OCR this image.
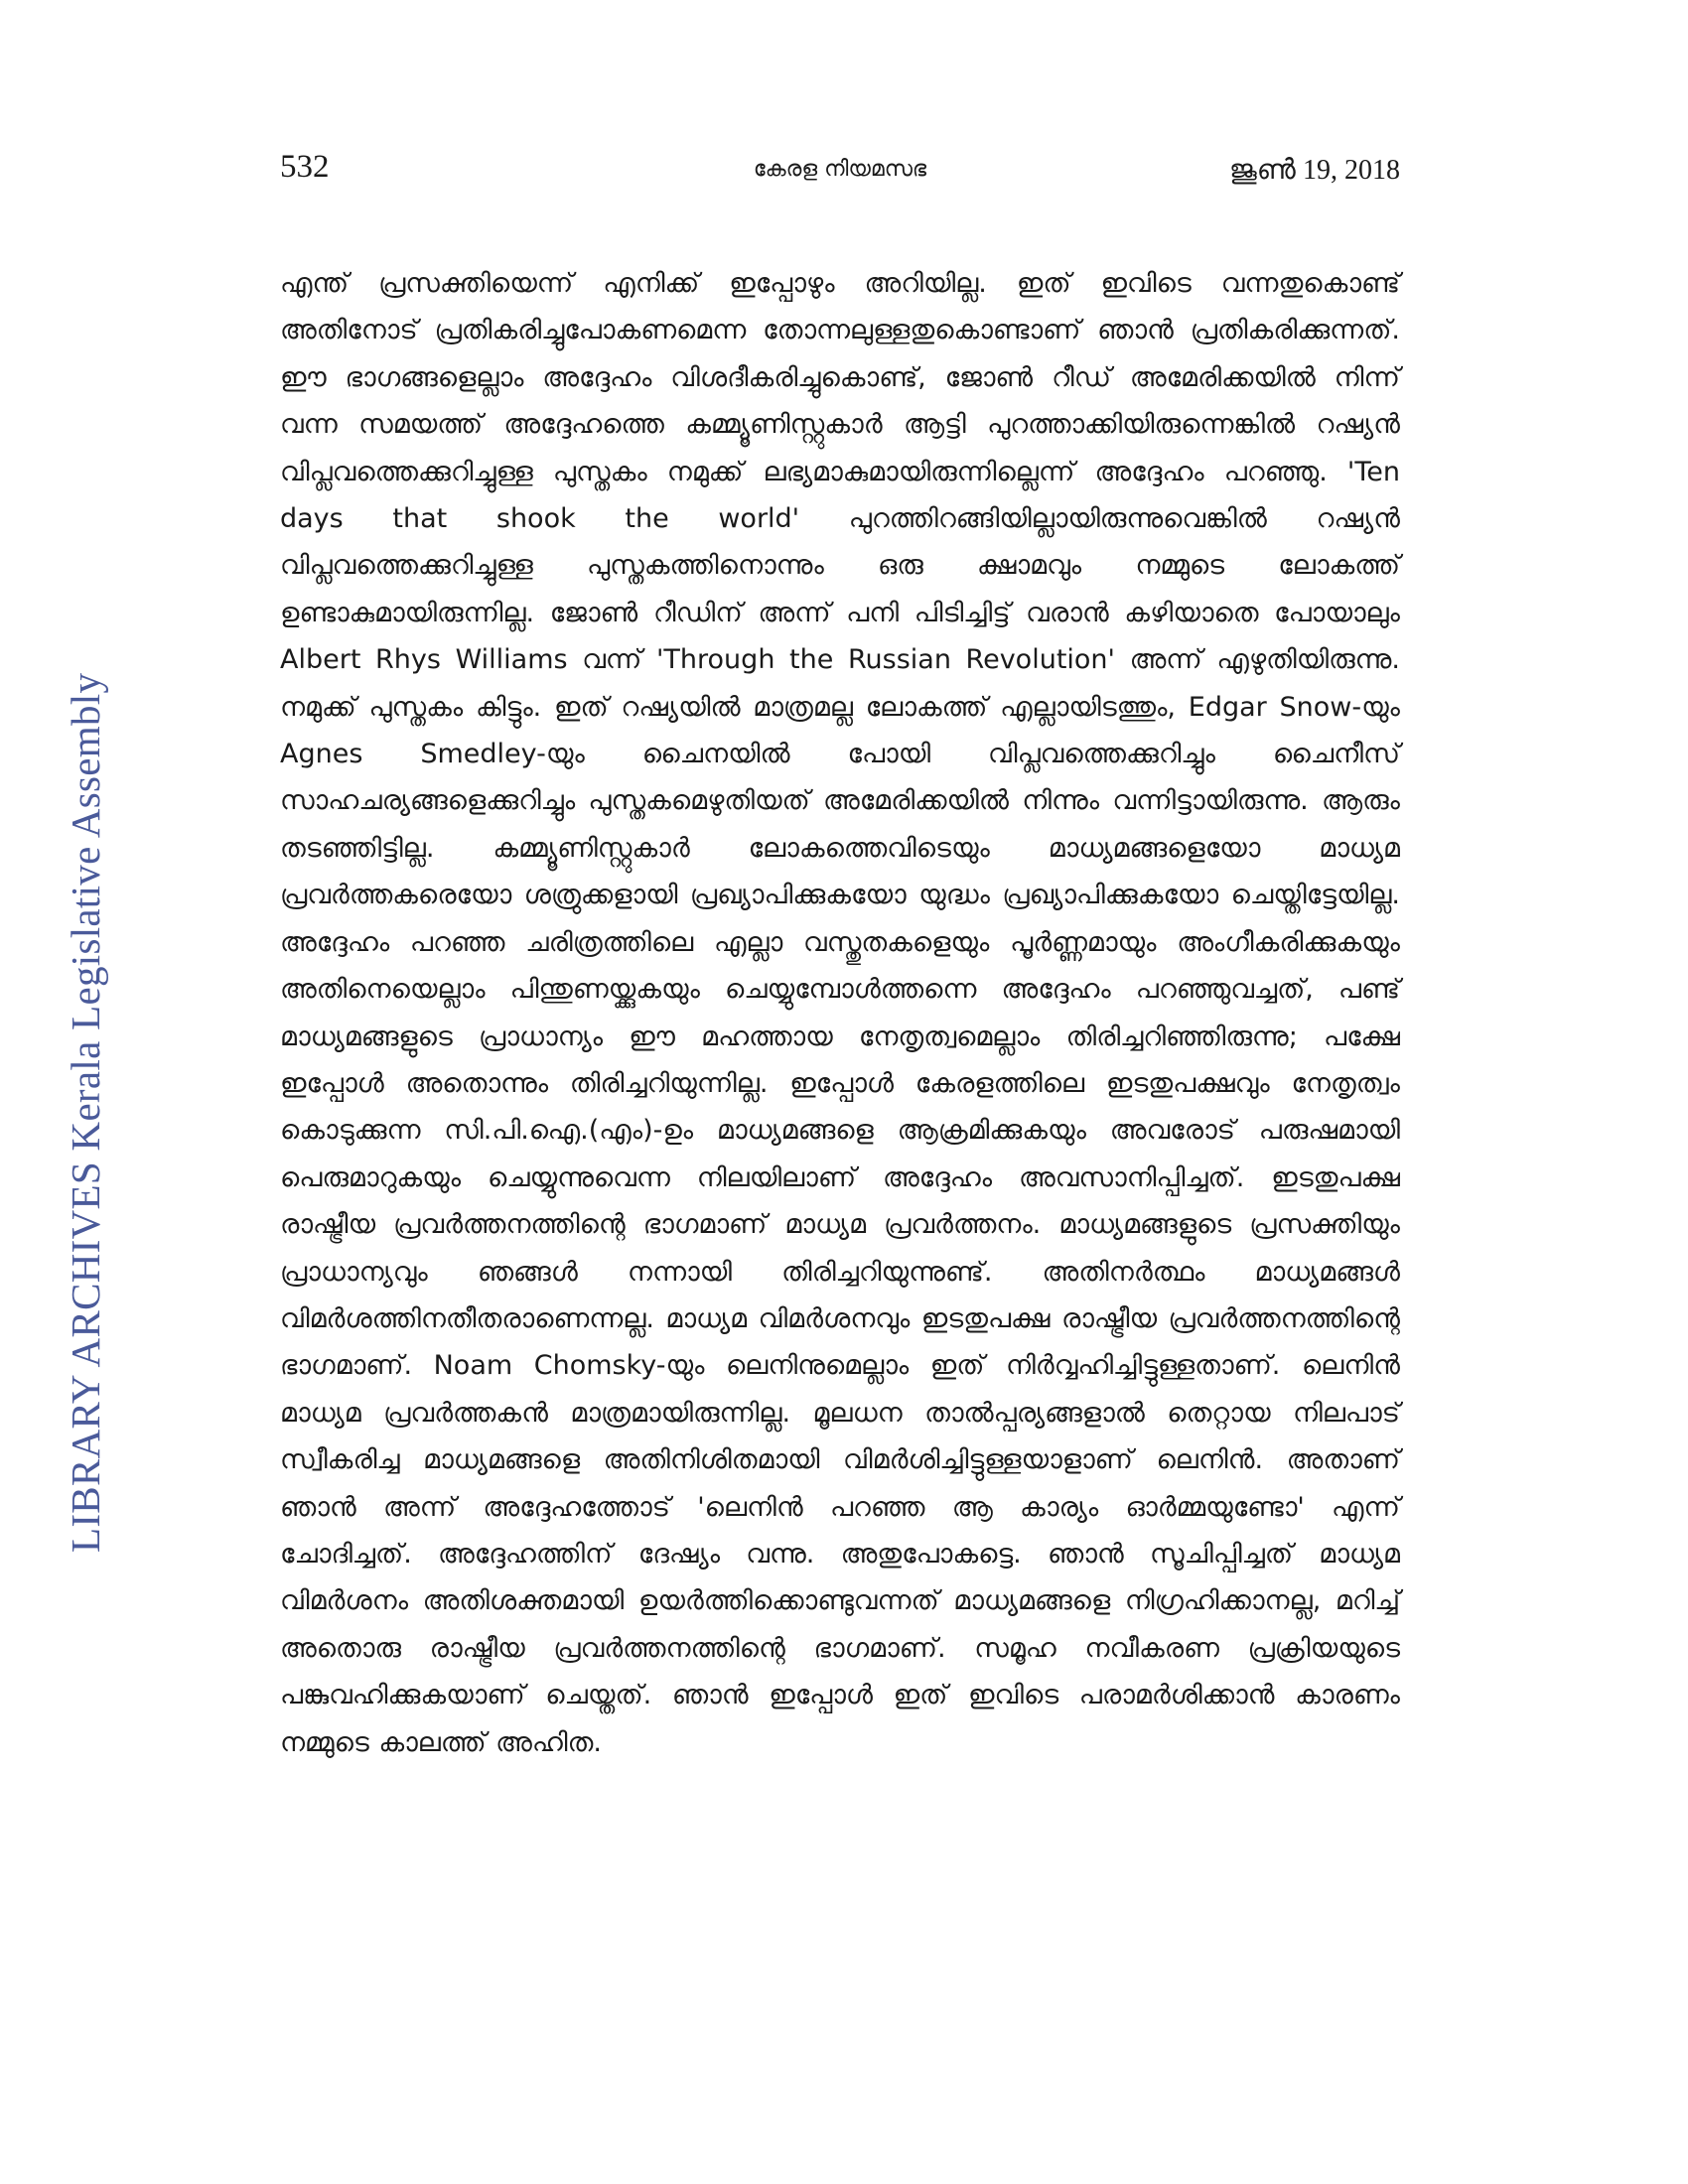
532	കേരള നിയമസഭ	ജൂൺ 19, 2018
LIBRARY ARCHIVES Kerala Legislative Assembly

എന്ത് പ്രസക്തിയെന്ന് എനിക്ക് ഇപ്പോഴും അറിയില്ല. ഇത് ഇവിടെ വന്നതുകൊണ്ട് അതിനോട് പ്രതികരിച്ചുപോകണമെന്ന തോന്നലുള്ളതുകൊണ്ടാണ് ഞാൻ പ്രതികരിക്കുന്നത്. ഈ ഭാഗങ്ങളെല്ലാം അദ്ദേഹം വിശദീകരിച്ചുകൊണ്ട്, ജോൺ റീഡ് അമേരിക്കയിൽ നിന്ന് വന്ന സമയത്ത് അദ്ദേഹത്തെ കമ്മ്യൂണിസ്റ്റുകാർ ആട്ടി പുറത്താക്കിയിരുന്നെങ്കിൽ റഷ്യൻ വിപ്ലവത്തെക്കുറിച്ചുള്ള പുസ്തകം നമുക്ക് ലഭ്യമാകുമായിരുന്നില്ലെന്ന് അദ്ദേഹം പറഞ്ഞു. 'Ten days that shook the world' പുറത്തിറങ്ങിയില്ലായിരുന്നുവെങ്കിൽ റഷ്യൻ വിപ്ലവത്തെക്കുറിച്ചുള്ള പുസ്തകത്തിനൊന്നും ഒരു ക്ഷാമവും നമ്മുടെ ലോകത്ത് ഉണ്ടാകുമായിരുന്നില്ല. ജോൺ റീഡിന് അന്ന് പനി പിടിച്ചിട്ട് വരാൻ കഴിയാതെ പോയാലും Albert Rhys Williams വന്ന് 'Through the Russian Revolution' അന്ന് എഴുതിയിരുന്നു. നമുക്ക് പുസ്തകം കിട്ടും. ഇത് റഷ്യയിൽ മാത്രമല്ല ലോകത്ത് എല്ലായിടത്തും, Edgar Snow-യും Agnes Smedley-യും ചൈനയിൽ പോയി വിപ്ലവത്തെക്കുറിച്ചും ചൈനീസ് സാഹചര്യങ്ങളെക്കുറിച്ചും പുസ്തകമെഴുതിയത് അമേരിക്കയിൽ നിന്നും വന്നിട്ടായിരുന്നു. ആരും തടഞ്ഞിട്ടില്ല. കമ്മ്യൂണിസ്റ്റുകാർ ലോകത്തെവിടെയും മാധ്യമങ്ങളെയോ മാധ്യമ പ്രവർത്തകരെയോ ശത്രുക്കളായി പ്രഖ്യാപിക്കുകയോ യുദ്ധം പ്രഖ്യാപിക്കുകയോ ചെയ്തിട്ടേയില്ല. അദ്ദേഹം പറഞ്ഞ ചരിത്രത്തിലെ എല്ലാ വസ്തുതകളെയും പൂർണ്ണമായും അംഗീകരിക്കുകയും അതിനെയെല്ലാം പിന്തുണയ്ക്കുകയും ചെയ്യുമ്പോൾത്തന്നെ അദ്ദേഹം പറഞ്ഞുവച്ചത്, പണ്ട് മാധ്യമങ്ങളുടെ പ്രാധാന്യം ഈ മഹത്തായ നേതൃത്വമെല്ലാം തിരിച്ചറിഞ്ഞിരുന്നു; പക്ഷേ ഇപ്പോൾ അതൊന്നും തിരിച്ചറിയുന്നില്ല. ഇപ്പോൾ കേരളത്തിലെ ഇടതുപക്ഷവും നേതൃത്വം കൊടുക്കുന്ന സി.പി.ഐ.(എം)-ഉം മാധ്യമങ്ങളെ ആക്രമിക്കുകയും അവരോട് പരുഷമായി പെരുമാറുകയും ചെയ്യുന്നുവെന്ന നിലയിലാണ് അദ്ദേഹം അവസാനിപ്പിച്ചത്. ഇടതുപക്ഷ രാഷ്ട്രീയ പ്രവർത്തനത്തിന്റെ ഭാഗമാണ് മാധ്യമ പ്രവർത്തനം. മാധ്യമങ്ങളുടെ പ്രസക്തിയും പ്രാധാന്യവും ഞങ്ങൾ നന്നായി തിരിച്ചറിയുന്നുണ്ട്. അതിനർത്ഥം മാധ്യമങ്ങൾ വിമർശത്തിനതീതരാണെന്നല്ല. മാധ്യമ വിമർശനവും ഇടതുപക്ഷ രാഷ്ട്രീയ പ്രവർത്തനത്തിന്റെ ഭാഗമാണ്. Noam Chomsky-യും ലെനിനുമെല്ലാം ഇത് നിർവ്വഹിച്ചിട്ടുള്ളതാണ്. ലെനിൻ മാധ്യമ പ്രവർത്തകൻ മാത്രമായിരുന്നില്ല. മൂലധന താൽപ്പര്യങ്ങളാൽ തെറ്റായ നിലപാട് സ്വീകരിച്ച മാധ്യമങ്ങളെ അതിനിശിതമായി വിമർശിച്ചിട്ടുള്ളയാളാണ് ലെനിൻ. അതാണ് ഞാൻ അന്ന് അദ്ദേഹത്തോട് 'ലെനിൻ പറഞ്ഞ ആ കാര്യം ഓർമ്മയുണ്ടോ' എന്ന് ചോദിച്ചത്. അദ്ദേഹത്തിന് ദേഷ്യം വന്നു. അതുപോകട്ടെ. ഞാൻ സൂചിപ്പിച്ചത് മാധ്യമ വിമർശനം അതിശക്തമായി ഉയർത്തിക്കൊണ്ടുവന്നത് മാധ്യമങ്ങളെ നിഗ്രഹിക്കാനല്ല, മറിച്ച് അതൊരു രാഷ്ട്രീയ പ്രവർത്തനത്തിന്റെ ഭാഗമാണ്. സമൂഹ നവീകരണ പ്രക്രിയയുടെ പങ്കുവഹിക്കുകയാണ് ചെയ്തത്. ഞാൻ ഇപ്പോൾ ഇത് ഇവിടെ പരാമർശിക്കാൻ കാരണം നമ്മുടെ കാലത്ത് അഹിത.
